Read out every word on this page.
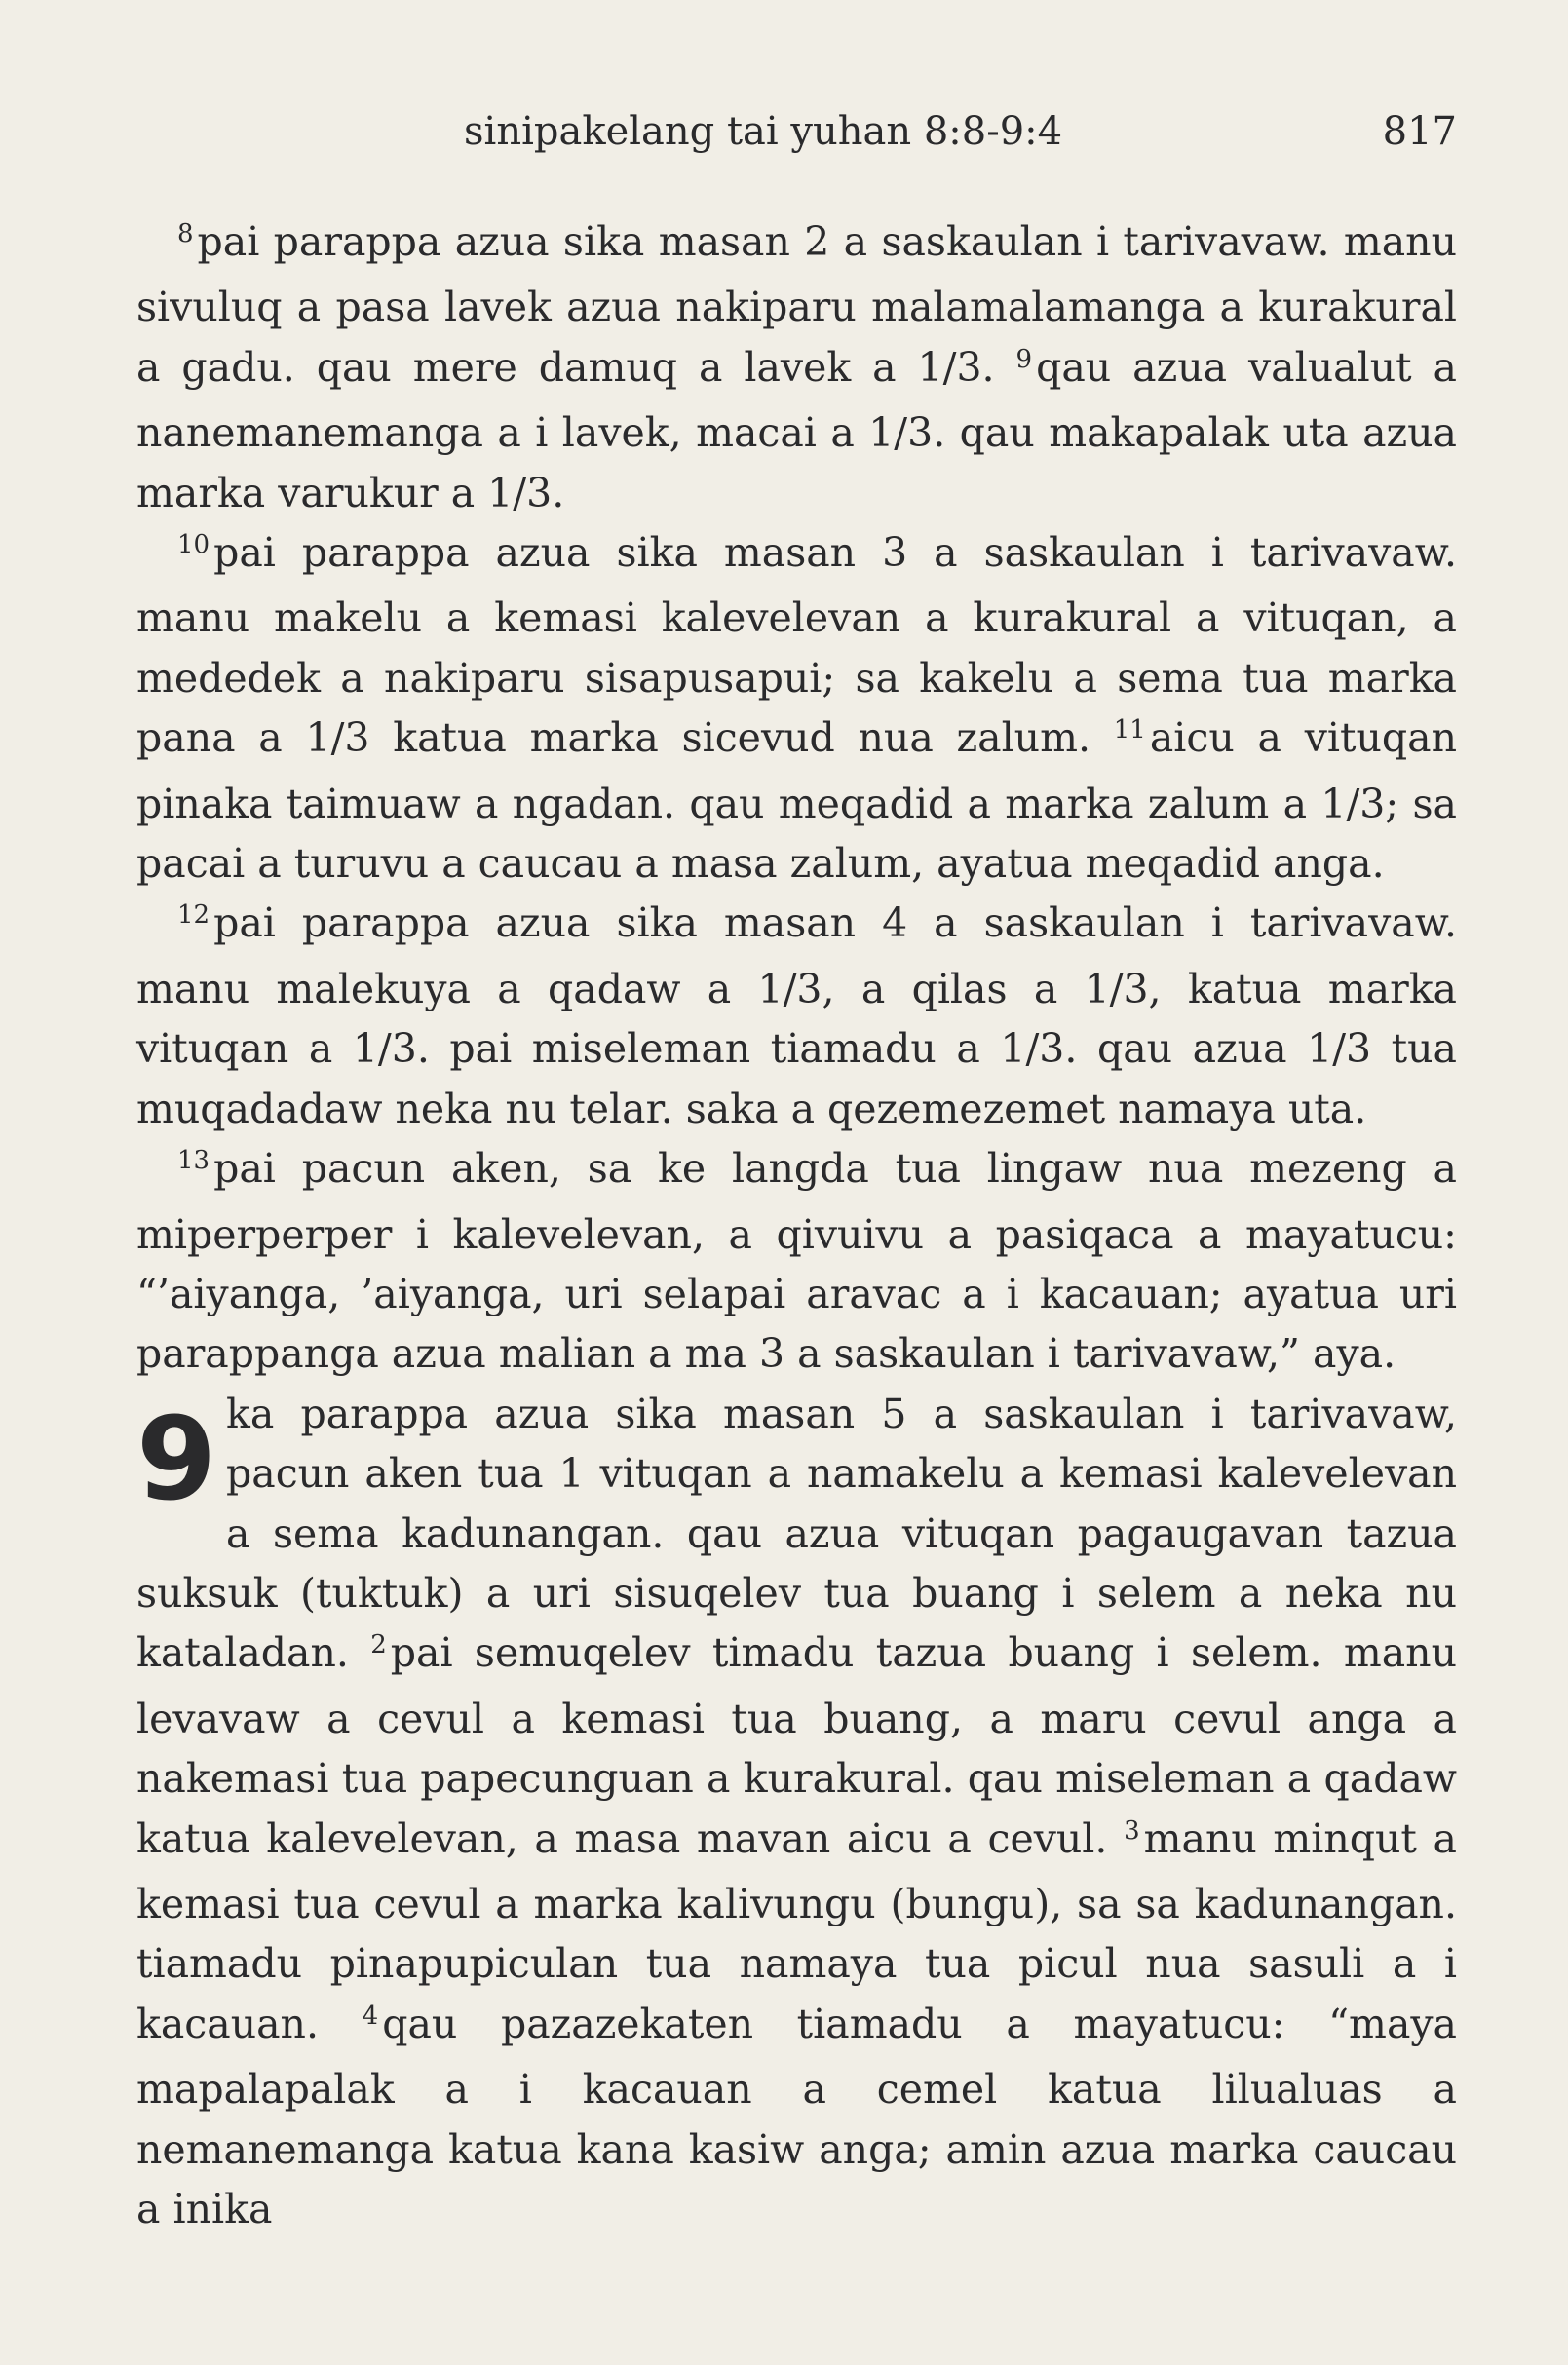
sinipakelang tai yuhan 8:8-9:4	817

$^8$pai parappa azua sika masan 2 a saskaulan i tarivavaw. manu sivuluq a pasa lavek azua nakiparu malamalamanga a kurakural a gadu. qau mere damuq a lavek a 1/3. $^9$qau azua valualut a nanemanemanga a i lavek, macai a 1/3. qau makapalak uta azua marka varukur a 1/3.

$^{10}$pai parappa azua sika masan 3 a saskaulan i tarivavaw. manu makelu a kemasi kalevelevan a kurakural a vituqan, a mededek a nakiparu sisapusapui; sa kakelu a sema tua marka pana a 1/3 katua marka sicevud nua zalum. $^{11}$aicu a vituqan pinaka taimuaw a ngadan. qau meqadid a marka zalum a 1/3; sa pacai a turuvu a caucau a masa zalum, ayatua meqadid anga.

$^{12}$pai parappa azua sika masan 4 a saskaulan i tarivavaw. manu malekuya a qadaw a 1/3, a qilas a 1/3, katua marka vituqan a 1/3. pai miseleman tiamadu a 1/3. qau azua 1/3 tua muqadadaw neka nu telar. saka a qezemezemet namaya uta.

$^{13}$pai pacun aken, sa ke langda tua lingaw nua mezeng a miperperper i kalevelevan, a qivuivu a pasiqaca a mayatucu: “’aiyanga, ’aiyanga, uri selapai aravac a i kacauan; ayatua uri parappanga azua malian a ma 3 a saskaulan i tarivavaw,” aya.

9 ka parappa azua sika masan 5 a saskaulan i tarivavaw, pacun aken tua 1 vituqan a namakelu a kemasi kalevelevan a sema kadunangan. qau azua vituqan pagaugavan tazua suksuk (tuktuk) a uri sisuqelev tua buang i selem a neka nu kataladan. $^2$pai semuqelev timadu tazua buang i selem. manu levavaw a cevul a kemasi tua buang, a maru cevul anga a nakemasi tua papecunguan a kurakural. qau miseleman a qadaw katua kalevelevan, a masa mavan aicu a cevul. $^3$manu minqut a kemasi tua cevul a marka kalivungu (bungu), sa sa kadunangan. tiamadu pinapupiculan tua namaya tua picul nua sasuli a i kacauan. $^4$qau pazazekaten tiamadu a mayatucu: “maya mapalapalak a i kacauan a cemel katua lilualuas a nemanemanga katua kana kasiw anga; amin azua marka caucau a inika
